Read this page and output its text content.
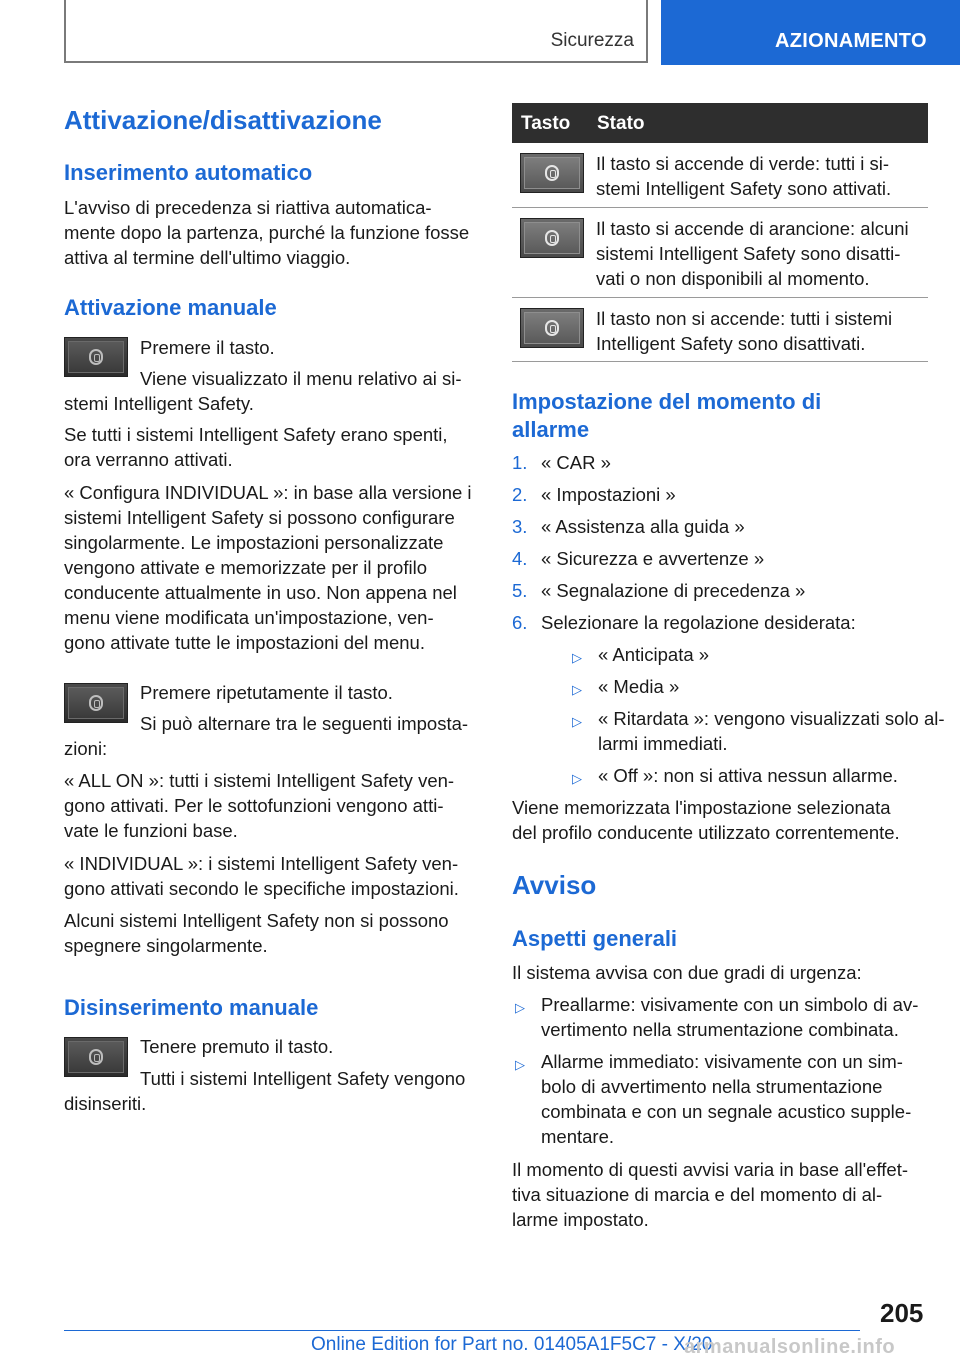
Sicurezza	AZIONAMENTO
Attivazione/disattivazione
Inserimento automatico
L'avviso di precedenza si riattiva automatica-
mente dopo la partenza, purché la funzione fosse
attiva al termine dell'ultimo viaggio.
Attivazione manuale
Premere il tasto.
Viene visualizzato il menu relativo ai si-
stemi Intelligent Safety.
Se tutti i sistemi Intelligent Safety erano spenti,
ora verranno attivati.
« Configura INDIVIDUAL »: in base alla versione i
sistemi Intelligent Safety si possono configurare
singolarmente. Le impostazioni personalizzate
vengono attivate e memorizzate per il profilo
conducente attualmente in uso. Non appena nel
menu viene modificata un'impostazione, ven-
gono attivate tutte le impostazioni del menu.
Premere ripetutamente il tasto.
Si può alternare tra le seguenti imposta-
zioni:
« ALL ON »: tutti i sistemi Intelligent Safety ven-
gono attivati. Per le sottofunzioni vengono atti-
vate le funzioni base.
« INDIVIDUAL »: i sistemi Intelligent Safety ven-
gono attivati secondo le specifiche impostazioni.
Alcuni sistemi Intelligent Safety non si possono
spegnere singolarmente.
Disinserimento manuale
Tenere premuto il tasto.
Tutti i sistemi Intelligent Safety vengono
disinseriti.
Tasto Stato
Il tasto si accende di verde: tutti i si-
stemi Intelligent Safety sono attivati.
Il tasto si accende di arancione: alcuni
sistemi Intelligent Safety sono disatti-
vati o non disponibili al momento.
Il tasto non si accende: tutti i sistemi
Intelligent Safety sono disattivati.
Impostazione del momento di
allarme
1. « CAR »
2. « Impostazioni »
3. « Assistenza alla guida »
4. « Sicurezza e avvertenze »
5. « Segnalazione di precedenza »
6. Selezionare la regolazione desiderata:
▷ « Anticipata »
▷ « Media »
▷ « Ritardata »: vengono visualizzati solo al-
larmi immediati.
▷ « Off »: non si attiva nessun allarme.
Viene memorizzata l'impostazione selezionata
del profilo conducente utilizzato correntemente.
Avviso
Aspetti generali
Il sistema avvisa con due gradi di urgenza:
▷ Preallarme: visivamente con un simbolo di av-
vertimento nella strumentazione combinata.
▷ Allarme immediato: visivamente con un sim-
bolo di avvertimento nella strumentazione
combinata e con un segnale acustico supple-
mentare.
Il momento di questi avvisi varia in base all'effet-
tiva situazione di marcia e del momento di al-
larme impostato.
205
Online Edition for Part no. 01405A1F5C7 - X/20
armanualsonline.info
